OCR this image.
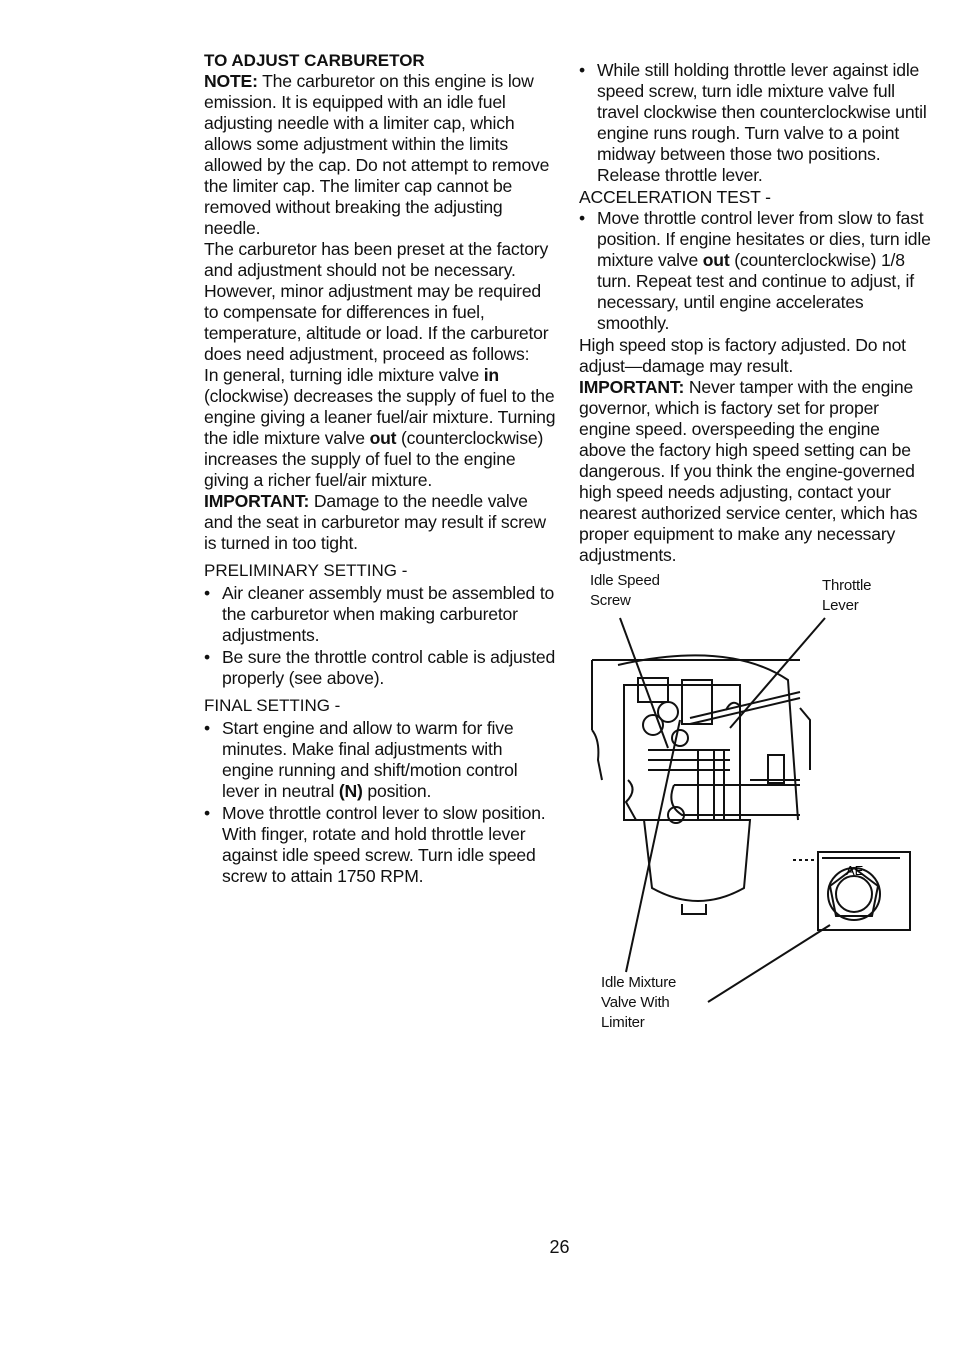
TO ADJUST CARBURETOR

NOTE: The carburetor on this engine is low emission. It is equipped with an idle fuel adjusting needle with a limiter cap, which allows some adjustment within the limits allowed by the cap. Do not attempt to remove the limiter cap. The limiter cap cannot be removed without breaking the adjusting needle.

The carburetor has been preset at the factory and adjustment should not be necessary. However, minor adjustment may be required to compensate for differences in fuel, temperature, altitude or load. If the carburetor does need adjustment, proceed as follows:

In general, turning idle mixture valve in (clockwise) decreases the supply of fuel to the engine giving a leaner fuel/air mixture. Turning the idle mixture valve out (counterclockwise) increases the supply of fuel to the engine giving a richer fuel/air mixture.

IMPORTANT: Damage to the needle valve and the seat in carburetor may result if screw is turned in too tight.

PRELIMINARY SETTING -

• Air cleaner assembly must be assembled to the carburetor when making carburetor adjustments.
• Be sure the throttle control cable is adjusted properly (see above).

FINAL SETTING -

• Start engine and allow to warm for five minutes. Make final adjustments with engine running and shift/motion control lever in neutral (N) position.
• Move throttle control lever to slow position. With finger, rotate and hold throttle lever against idle speed screw. Turn idle speed screw to attain 1750 RPM.
• While still holding throttle lever against idle speed screw, turn idle mixture valve full travel clockwise then counterclockwise until engine runs rough. Turn valve to a point midway between those two positions. Release throttle lever.

ACCELERATION TEST -

• Move throttle control lever from slow to fast position. If engine hesitates or dies, turn idle mixture valve out (counterclockwise) 1/8 turn. Repeat test and continue to adjust, if necessary, until engine accelerates smoothly.

High speed stop is factory adjusted. Do not adjust—damage may result.

IMPORTANT: Never tamper with the engine governor, which is factory set for proper engine speed. overspeeding the engine above the factory high speed setting can be dangerous. If you think the engine-governed high speed needs adjusting, contact your nearest authorized service center, which has proper equipment to make any necessary adjustments.

Idle Speed
Screw
Throttle
Lever
Idle Mixture
Valve With
Limiter
AE
26
